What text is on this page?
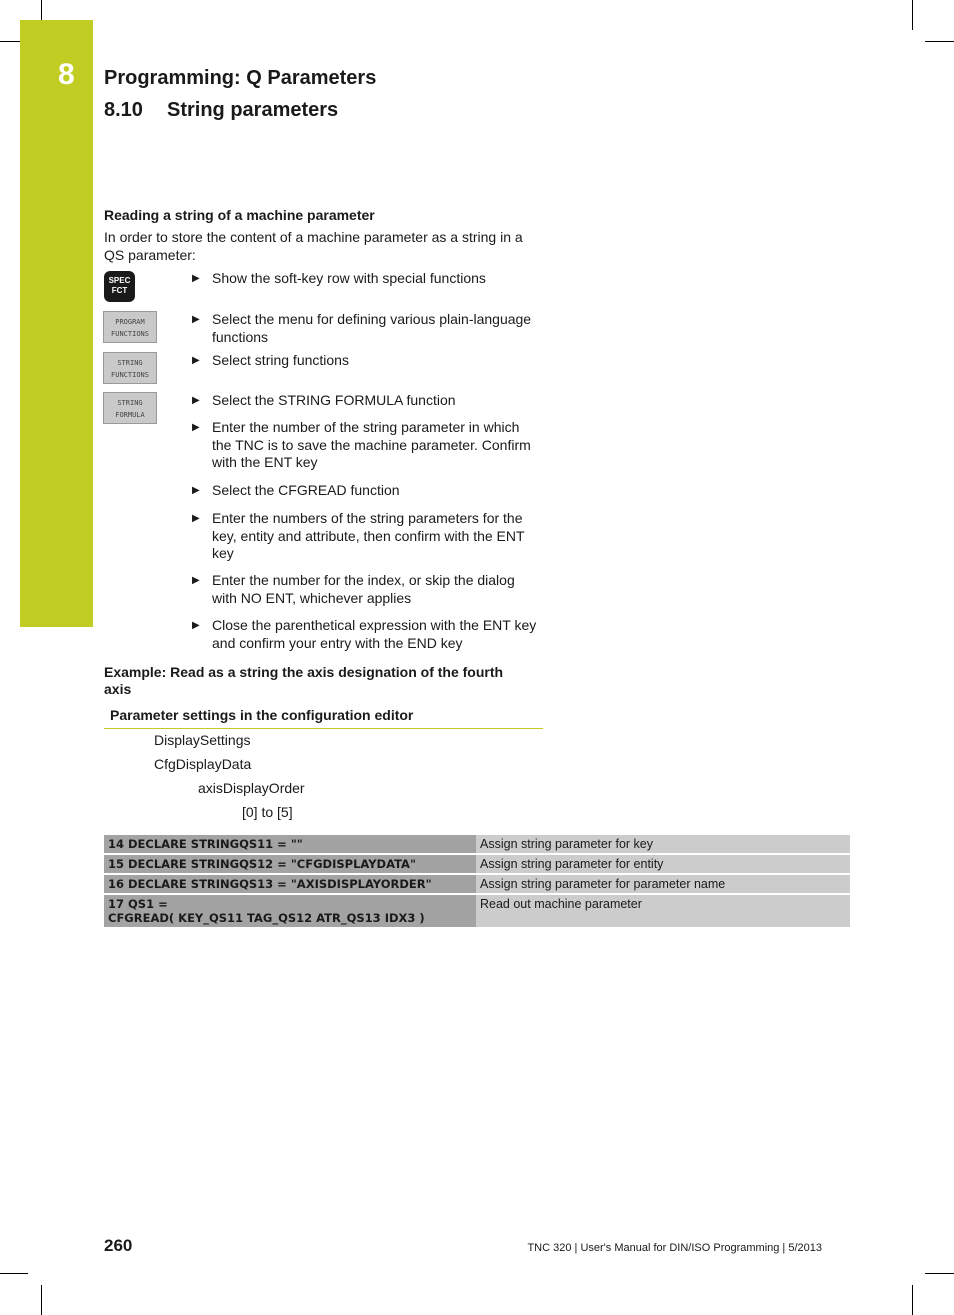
8 Programming: Q Parameters
8.10 String parameters
Reading a string of a machine parameter
In order to store the content of a machine parameter as a string in a QS parameter:
SPEC
FCT
PROGRAM
FUNCTIONS
STRING
FUNCTIONS
STRING
FORMULA
▶ Show the soft-key row with special functions
▶ Select the menu for defining various plain-language functions
▶ Select string functions
▶ Select the STRING FORMULA function
▶ Enter the number of the string parameter in which the TNC is to save the machine parameter. Confirm with the ENT key
▶ Select the CFGREAD function
▶ Enter the numbers of the string parameters for the key, entity and attribute, then confirm with the ENT key
▶ Enter the number for the index, or skip the dialog with NO ENT, whichever applies
▶ Close the parenthetical expression with the ENT key and confirm your entry with the END key
Example: Read as a string the axis designation of the fourth axis
Parameter settings in the configuration editor
DisplaySettings
CfgDisplayData
axisDisplayOrder
[0] to [5]
14 DECLARE STRINGQS11 = ""	Assign string parameter for key
15 DECLARE STRINGQS12 = "CFGDISPLAYDATA"	Assign string parameter for entity
16 DECLARE STRINGQS13 = "AXISDISPLAYORDER"	Assign string parameter for parameter name

17 QS1 =
CFGREAD( KEY_QS11 TAG_QS12 ATR_QS13 IDX3 )	Read out machine parameter
260	TNC 320 | User's Manual for DIN/ISO Programming | 5/2013
